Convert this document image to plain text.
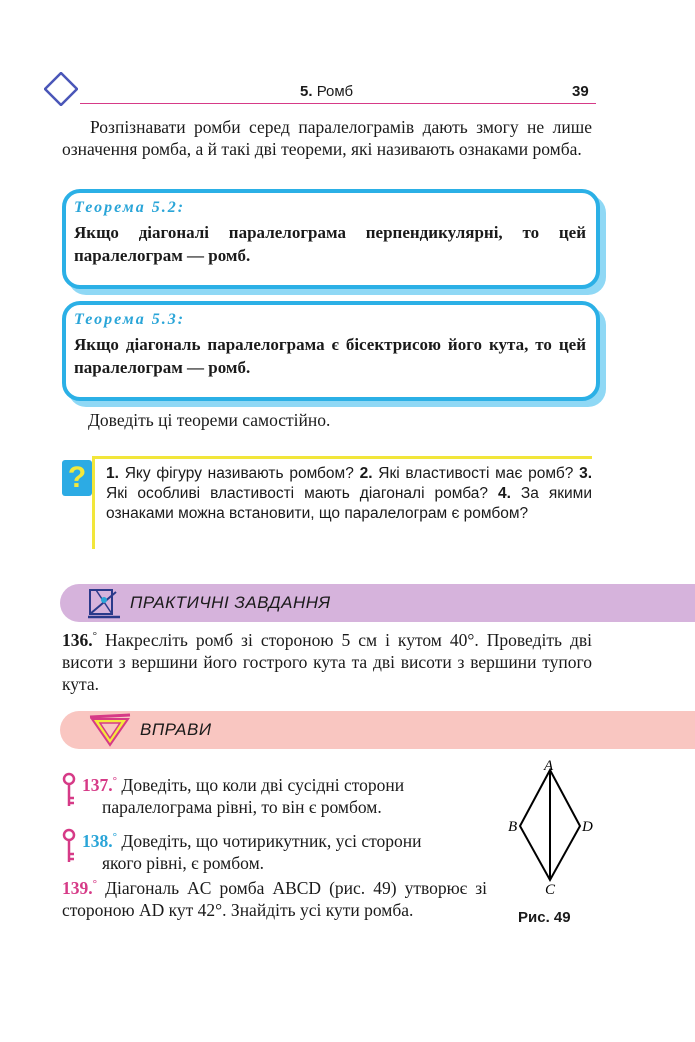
5. Ромб	39
Розпізнавати ромби серед паралелограмів дають змогу не лише означення ромба, а й такі дві теореми, які називають ознаками ромба.
Теорема 5.2:
Якщо діагоналі паралелограма перпендикулярні, то цей паралелограм — ромб.
Теорема 5.3:
Якщо діагональ паралелограма є бісектрисою його кута, то цей паралелограм — ромб.
Доведіть ці теореми самостійно.
?	1. Яку фігуру називають ромбом? 2. Які властивості має ромб? 3. Які особливі властивості мають діагоналі ромба? 4. За якими ознаками можна встановити, що паралелограм є ромбом?
ПРАКТИЧНІ ЗАВДАННЯ
136.° Накресліть ромб зі стороною 5 см і кутом 40°. Проведіть дві висоти з вершини його гострого кута та дві висоти з вершини тупого кута.
ВПРАВИ
137.° Доведіть, що коли дві сусідні сторони
паралелограма рівні, то він є ромбом.
138.° Доведіть, що чотирикутник, усі сторони
якого рівні, є ромбом.
139.° Діагональ AC ромба ABCD (рис. 49) утворює зі стороною AD кут 42°. Знайдіть усі кути ромба.
A
B
C
D
Рис. 49
